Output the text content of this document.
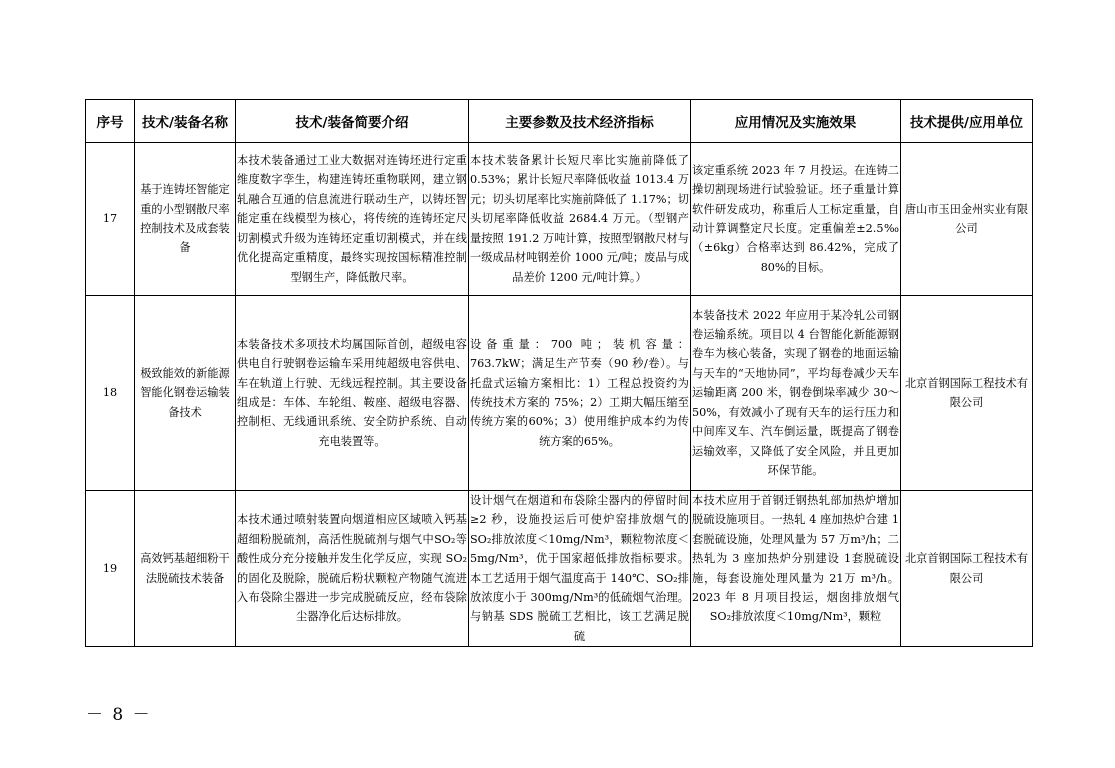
序号	技术/装备名称	技术/装备简要介绍	主要参数及技术经济指标	应用情况及实施效果	技术提供/应用单位
17	基于连铸坯智能定重的小型钢散尺率控制技术及成套装备	本技术装备通过工业大数据对连铸坯进行定重维度数字孪生，构建连铸坯重物联网，建立钢轧融合互通的信息流进行联动生产，以铸坯智能定重在线模型为核心，将传统的连铸坯定尺切割模式升级为连铸坯定重切割模式，并在线优化提高定重精度，最终实现按国标精准控制型钢生产，降低散尺率。	本技术装备累计长短尺率比实施前降低了0.53%；累计长短尺率降低收益 1013.4 万元；切头切尾率比实施前降低了 1.17%；切头切尾率降低收益 2684.4 万元。（型钢产量按照 191.2 万吨计算，按照型钢散尺材与一级成品材吨钢差价 1000 元/吨；废品与成品差价 1200 元/吨计算。）	该定重系统 2023 年 7 月投运。在连铸二操切割现场进行试验验证。坯子重量计算软件研发成功，称重后人工标定重量，自动计算调整定尺长度。定重偏差±2.5‰（±6kg）合格率达到 86.42%，完成了 80%的目标。	唐山市玉田金州实业有限公司
18	极致能效的新能源智能化钢卷运输装备技术	本装备技术多项技术均属国际首创，超级电容供电自行驶钢卷运输车采用纯超级电容供电、车在轨道上行驶、无线远程控制。其主要设备组成是：车体、车轮组、鞍座、超级电容器、控制柜、无线通讯系统、安全防护系统、自动充电装置等。	设备重量：700 吨；装机容量：763.7kW；满足生产节奏（90 秒/卷）。与托盘式运输方案相比：1）工程总投资约为传统技术方案的 75%；2）工期大幅压缩至传统方案的60%；3）使用维护成本约为传统方案的65%。	本装备技术 2022 年应用于某冷轧公司钢卷运输系统。项目以 4 台智能化新能源钢卷车为核心装备，实现了钢卷的地面运输与天车的“天地协同”，平均每卷减少天车运输距离 200 米，钢卷倒垛率减少 30～50%，有效减小了现有天车的运行压力和中间库叉车、汽车倒运量，既提高了钢卷运输效率，又降低了安全风险，并且更加环保节能。	北京首钢国际工程技术有限公司
19	高效钙基超细粉干法脱硫技术装备	本技术通过喷射装置向烟道相应区域喷入钙基超细粉脱硫剂，高活性脱硫剂与烟气中SO₂等酸性成分充分接触并发生化学反应，实现 SO₂的固化及脱除，脱硫后粉状颗粒产物随气流进入布袋除尘器进一步完成脱硫反应，经布袋除尘器净化后达标排放。	设计烟气在烟道和布袋除尘器内的停留时间≥2 秒，设施投运后可使炉窑排放烟气的SO₂排放浓度＜10mg/Nm³，颗粒物浓度＜5mg/Nm³，优于国家超低排放指标要求。本工艺适用于烟气温度高于 140℃、SO₂排放浓度小于 300mg/Nm³的低硫烟气治理。与钠基 SDS 脱硫工艺相比，该工艺满足脱硫	本技术应用于首钢迁钢热轧部加热炉增加脱硫设施项目。一热轧 4 座加热炉合建 1 套脱硫设施，处理风量为 57 万m³/h；二热轧为 3 座加热炉分别建设 1套脱硫设施，每套设施处理风量为 21万 m³/h。2023 年 8 月项目投运，烟囱排放烟气 SO₂排放浓度＜10mg/Nm³，颗粒	北京首钢国际工程技术有限公司
－ 8 －
